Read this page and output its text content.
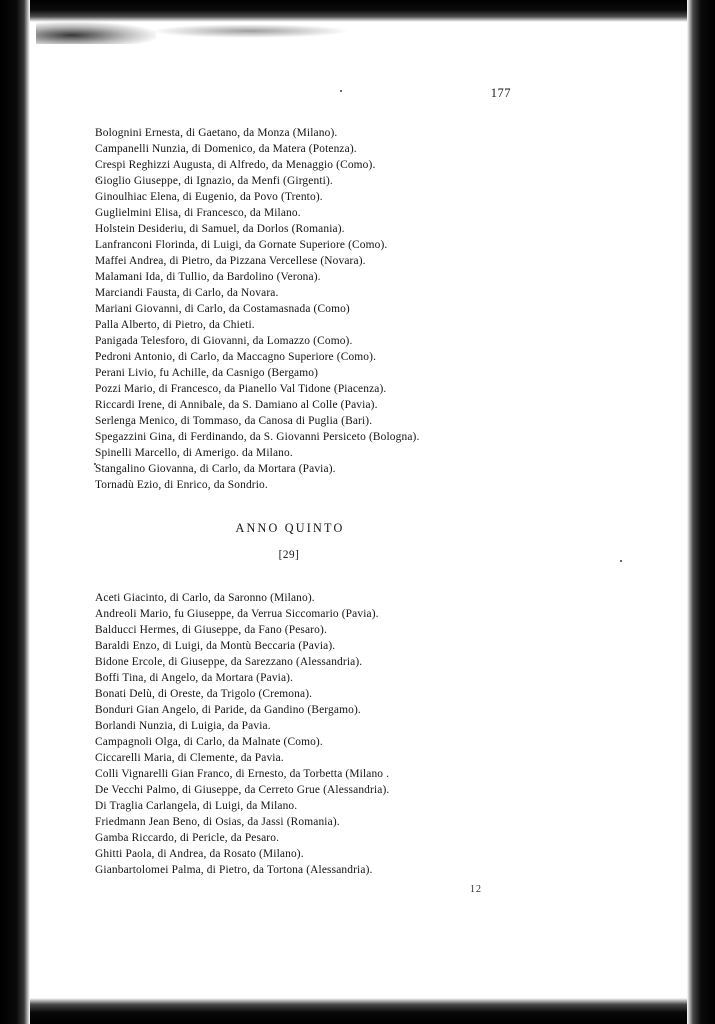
177
Bolognini Ernesta, di Gaetano, da Monza (Milano).
Campanelli Nunzia, di Domenico, da Matera (Potenza).
Crespi Reghizzi Augusta, di Alfredo, da Menaggio (Como).
Gioglio Giuseppe, di Ignazio, da Menfi (Girgenti).
Ginoulhiac Elena, di Eugenio, da Povo (Trento).
Guglielmini Elisa, di Francesco, da Milano.
Holstein Desideriu, di Samuel, da Dorlos (Romania).
Lanfranconi Florinda, di Luigi, da Gornate Superiore (Como).
Maffei Andrea, di Pietro, da Pizzana Vercellese (Novara).
Malamani Ida, di Tullio, da Bardolino (Verona).
Marciandi Fausta, di Carlo, da Novara.
Mariani Giovanni, di Carlo, da Costamasnada (Como)
Palla Alberto, di Pietro, da Chieti.
Panigada Telesforo, di Giovanni, da Lomazzo (Como).
Pedroni Antonio, di Carlo, da Maccagno Superiore (Como).
Perani Livio, fu Achille, da Casnigo (Bergamo)
Pozzi Mario, di Francesco, da Pianello Val Tidone (Piacenza).
Riccardi Irene, di Annibale, da S. Damiano al Colle (Pavia).
Serlenga Menico, di Tommaso, da Canosa di Puglia (Bari).
Spegazzini Gina, di Ferdinando, da S. Giovanni Persiceto (Bologna).
Spinelli Marcello, di Amerigo. da Milano.
Stangalino Giovanna, di Carlo, da Mortara (Pavia).
Tornadù Ezio, di Enrico, da Sondrio.
ANNO QUINTO
[29]
Aceti Giacinto, di Carlo, da Saronno (Milano).
Andreoli Mario, fu Giuseppe, da Verrua Siccomario (Pavia).
Balducci Hermes, di Giuseppe, da Fano (Pesaro).
Baraldi Enzo, di Luigi, da Montù Beccaria (Pavia).
Bidone Ercole, di Giuseppe, da Sarezzano (Alessandria).
Boffi Tina, di Angelo, da Mortara (Pavia).
Bonati Delù, di Oreste, da Trigolo (Cremona).
Bonduri Gian Angelo, di Paride, da Gandino (Bergamo).
Borlandi Nunzia, di Luigia, da Pavia.
Campagnoli Olga, di Carlo, da Malnate (Como).
Ciccarelli Maria, di Clemente, da Pavia.
Colli Vignarelli Gian Franco, di Ernesto, da Torbetta (Milano .
De Vecchi Palmo, di Giuseppe, da Cerreto Grue (Alessandria).
Di Traglia Carlangela, di Luigi, da Milano.
Friedmann Jean Beno, di Osias, da Jassi (Romania).
Gamba Riccardo, di Pericle, da Pesaro.
Ghitti Paola, di Andrea, da Rosato (Milano).
Gianbartolomei Palma, di Pietro, da Tortona (Alessandria).
12
